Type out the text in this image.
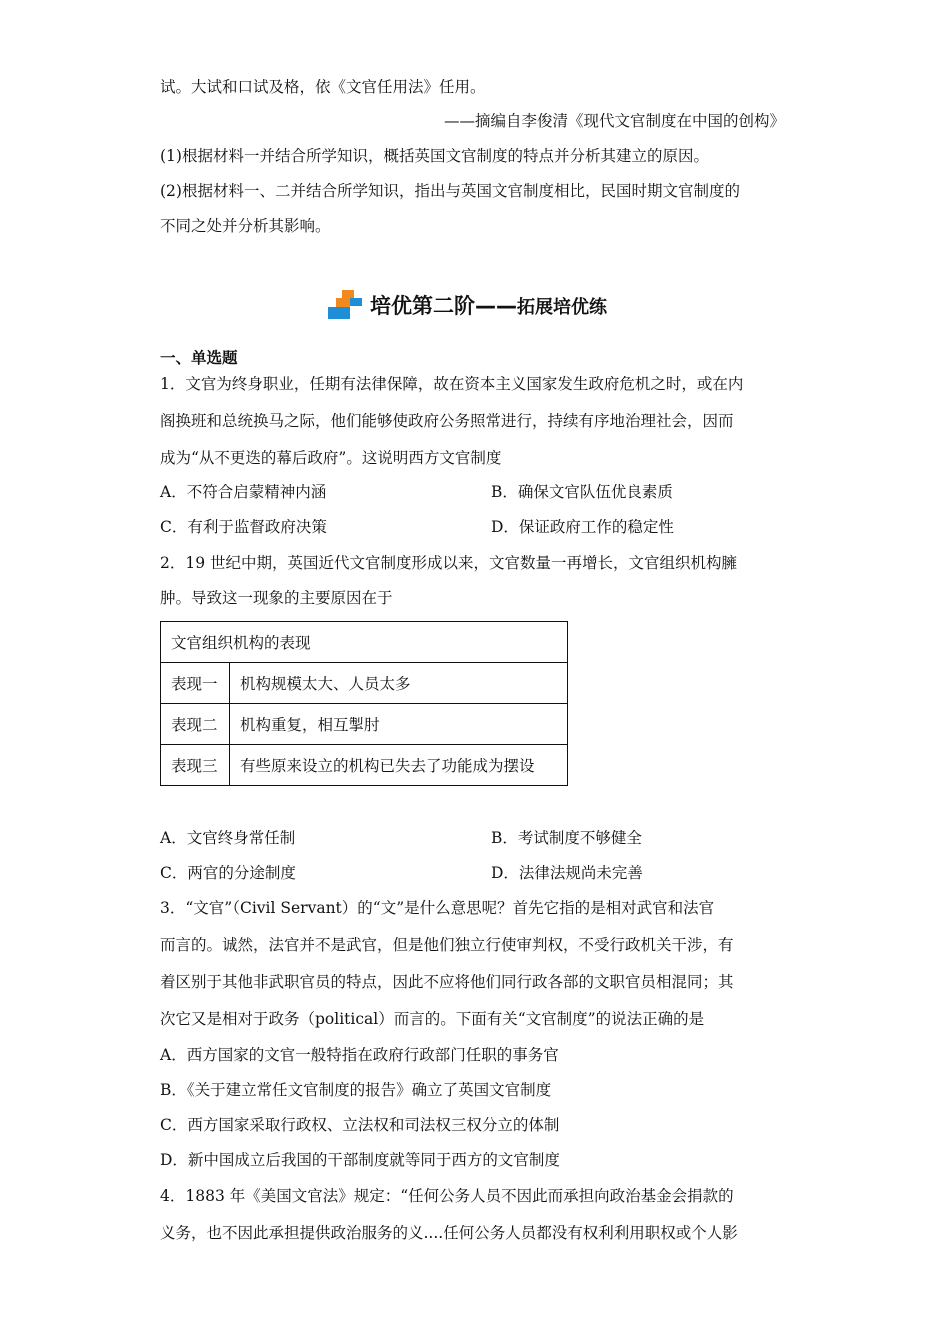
试。大试和口试及格，依《文官任用法》任用。
——摘编自李俊清《现代文官制度在中国的创构》
(1)根据材料一并结合所学知识，概括英国文官制度的特点并分析其建立的原因。
(2)根据材料一、二并结合所学知识，指出与英国文官制度相比，民国时期文官制度的
不同之处并分析其影响。
培优第二阶——拓展培优练
一、单选题
1．文官为终身职业，任期有法律保障，故在资本主义国家发生政府危机之时，或在内
阁换班和总统换马之际，他们能够使政府公务照常进行，持续有序地治理社会，因而
成为“从不更迭的幕后政府”。这说明西方文官制度
A．不符合启蒙精神内涵	B．确保文官队伍优良素质
C．有利于监督政府决策	D．保证政府工作的稳定性
2．19 世纪中期，英国近代文官制度形成以来，文官数量一再增长，文官组织机构臃
肿。导致这一现象的主要原因在于
文官组织机构的表现	
表现一	机构规模太大、人员太多
表现二	机构重复，相互掣肘
表现三	有些原来设立的机构已失去了功能成为摆设
A．文官终身常任制	B．考试制度不够健全
C．两官的分途制度	D．法律法规尚未完善
3．“文官”（Civil Servant）的“文”是什么意思呢？首先它指的是相对武官和法官
而言的。诚然，法官并不是武官，但是他们独立行使审判权，不受行政机关干涉，有
着区别于其他非武职官员的特点，因此不应将他们同行政各部的文职官员相混同；其
次它又是相对于政务（political）而言的。下面有关“文官制度”的说法正确的是
A．西方国家的文官一般特指在政府行政部门任职的事务官
B．《关于建立常任文官制度的报告》确立了英国文官制度
C．西方国家采取行政权、立法权和司法权三权分立的体制
D．新中国成立后我国的干部制度就等同于西方的文官制度
4．1883 年《美国文官法》规定：“任何公务人员不因此而承担向政治基金会捐款的
义务，也不因此承担提供政治服务的义....任何公务人员都没有权利利用职权或个人影
